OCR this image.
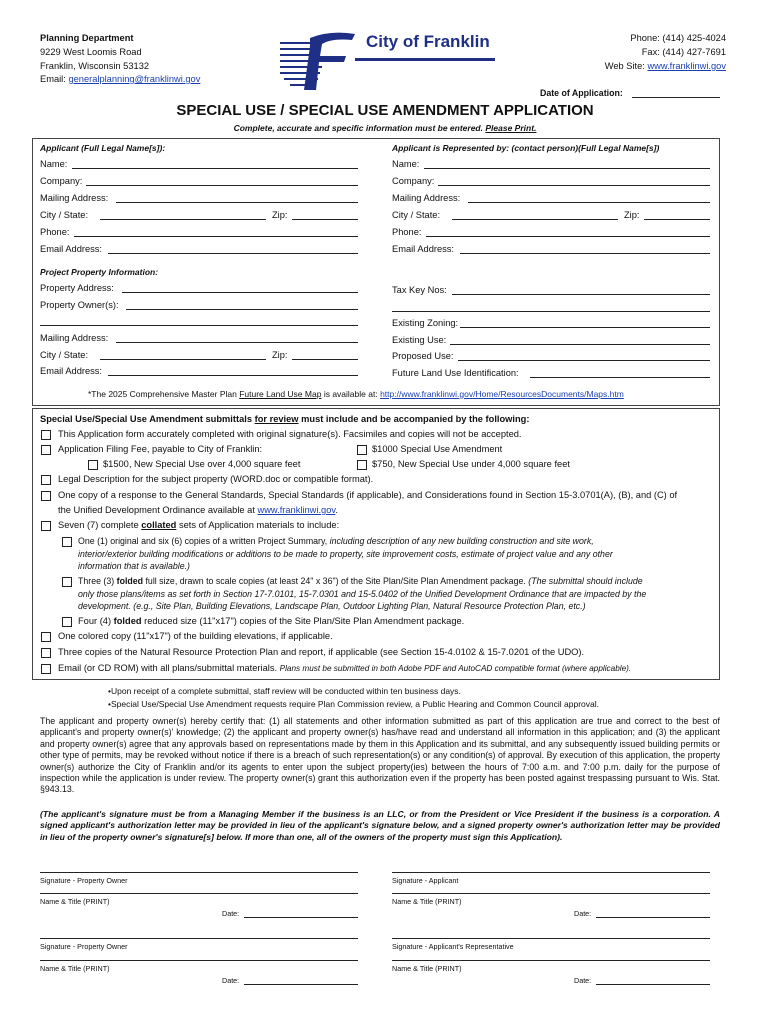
Planning Department
9229 West Loomis Road
Franklin, Wisconsin 53132
Email: generalplanning@franklinwi.gov
City of Franklin	Phone: (414) 425-4024
Fax: (414) 427-7691
Web Site: www.franklinwi.gov
Date of Application:
SPECIAL USE / SPECIAL USE AMENDMENT APPLICATION
Complete, accurate and specific information must be entered. Please Print.
Applicant (Full Legal Name[s]):
Name:
Company:
Mailing Address:
City / State:	Zip:
Phone:
Email Address:
Applicant is Represented by: (contact person)(Full Legal Name[s])
Name:
Company:
Mailing Address:
City / State:	Zip:
Phone:
Email Address:
Project Property Information:
Property Address:
Property Owner(s):
Mailing Address:
City / State:	Zip:
Email Address:
Tax Key Nos:
Existing Zoning:
Existing Use:
Proposed Use:
Future Land Use Identification:
*The 2025 Comprehensive Master Plan Future Land Use Map is available at: http://www.franklinwi.gov/Home/ResourcesDocuments/Maps.htm
Special Use/Special Use Amendment submittals for review must include and be accompanied by the following:
This Application form accurately completed with original signature(s). Facsimiles and copies will not be accepted.
Application Filing Fee, payable to City of Franklin:	$1000 Special Use Amendment
$1500, New Special Use over 4,000 square feet	$750, New Special Use under 4,000 square feet
Legal Description for the subject property (WORD.doc or compatible format).
One copy of a response to the General Standards, Special Standards (if applicable), and Considerations found in Section 15-3.0701(A), (B), and (C) of
the Unified Development Ordinance available at www.franklinwi.gov.
Seven (7) complete collated sets of Application materials to include:
One (1) original and six (6) copies of a written Project Summary, including description of any new building construction and site work,
interior/exterior building modifications or additions to be made to property, site improvement costs, estimate of project value and any other
information that is available.)
Three (3) folded full size, drawn to scale copies (at least 24" x 36") of the Site Plan/Site Plan Amendment package. (The submittal should include
only those plans/items as set forth in Section 17-7.0101, 15-7.0301 and 15-5.0402 of the Unified Development Ordinance that are impacted by the
development. (e.g., Site Plan, Building Elevations, Landscape Plan, Outdoor Lighting Plan, Natural Resource Protection Plan, etc.)
Four (4) folded reduced size (11"x17") copies of the Site Plan/Site Plan Amendment package.
One colored copy (11"x17") of the building elevations, if applicable.
Three copies of the Natural Resource Protection Plan and report, if applicable (see Section 15-4.0102 & 15-7.0201 of the UDO).
Email (or CD ROM) with all plans/submittal materials. Plans must be submitted in both Adobe PDF and AutoCAD compatible format (where applicable).
•Upon receipt of a complete submittal, staff review will be conducted within ten business days.
•Special Use/Special Use Amendment requests require Plan Commission review, a Public Hearing and Common Council approval.
The applicant and property owner(s) hereby certify that: (1) all statements and other information submitted as part of this application are true and correct to the best of applicant's and property owner(s)' knowledge; (2) the applicant and property owner(s) has/have read and understand all information in this application; and (3) the applicant and property owner(s) agree that any approvals based on representations made by them in this Application and its submittal, and any subsequently issued building permits or other type of permits, may be revoked without notice if there is a breach of such representation(s) or any condition(s) of approval. By execution of this application, the property owner(s) authorize the City of Franklin and/or its agents to enter upon the subject property(ies) between the hours of 7:00 a.m. and 7:00 p.m. daily for the purpose of inspection while the application is under review. The property owner(s) grant this authorization even if the property has been posted against trespassing pursuant to Wis. Stat. §943.13.
(The applicant's signature must be from a Managing Member if the business is an LLC, or from the President or Vice President if the business is a corporation. A signed applicant's authorization letter may be provided in lieu of the applicant's signature below, and a signed property owner's authorization letter may be provided in lieu of the property owner's signature[s] below. If more than one, all of the owners of the property must sign this Application).
Signature - Property Owner	Signature - Applicant
Name & Title (PRINT)	Name & Title (PRINT)
Date:	Date:
Signature - Property Owner	Signature - Applicant's Representative
Name & Title (PRINT)	Name & Title (PRINT)
Date:	Date:
